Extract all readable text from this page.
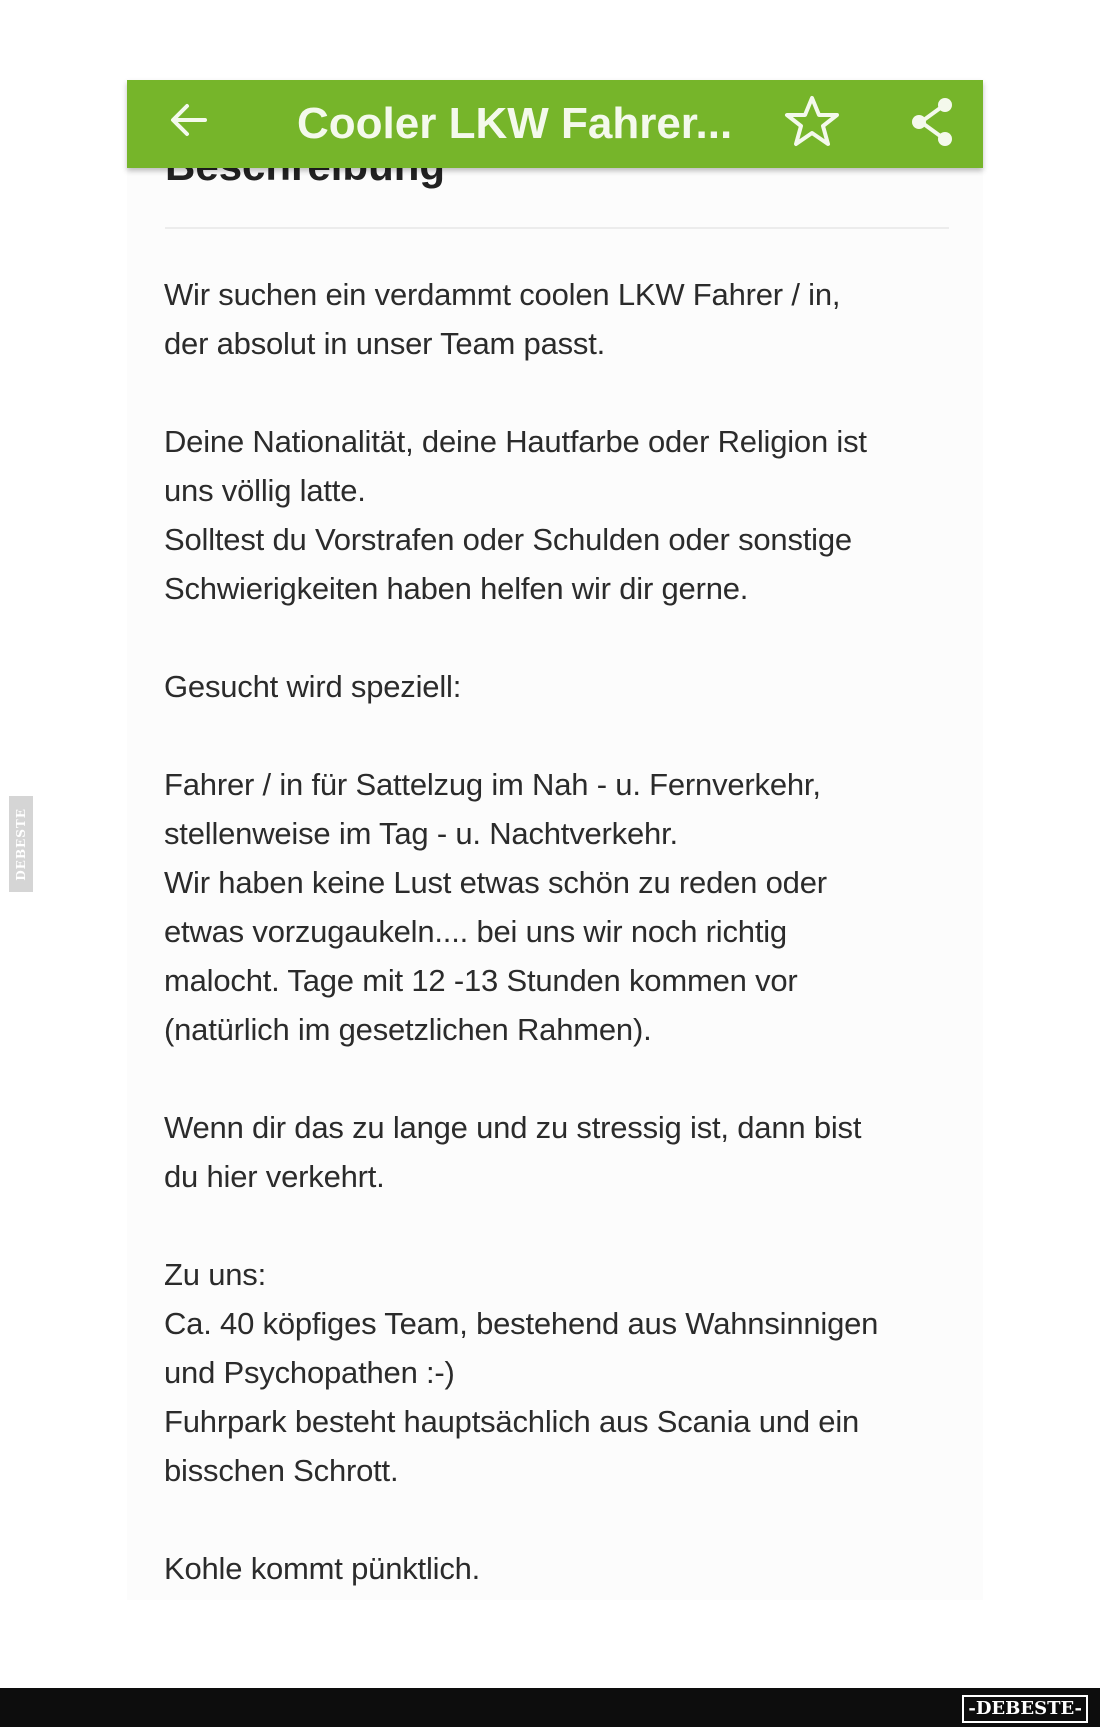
Cooler LKW Fahrer...

Wir suchen ein verdammt coolen LKW Fahrer / in,
der absolut in unser Team passt.

Deine Nationalität, deine Hautfarbe oder Religion ist
uns völlig latte.
Solltest du Vorstrafen oder Schulden oder sonstige
Schwierigkeiten haben helfen wir dir gerne.

Gesucht wird speziell:

Fahrer / in für Sattelzug im Nah - u. Fernverkehr,
stellenweise im Tag - u. Nachtverkehr.
Wir haben keine Lust etwas schön zu reden oder
etwas vorzugaukeln.... bei uns wir noch richtig
malocht. Tage mit 12 -13 Stunden kommen vor
(natürlich im gesetzlichen Rahmen).

Wenn dir das zu lange und zu stressig ist, dann bist
du hier verkehrt.

Zu uns:
Ca. 40 köpfiges Team, bestehend aus Wahnsinnigen
und Psychopathen :-)
Fuhrpark besteht hauptsächlich aus Scania und ein
bisschen Schrott.

Kohle kommt pünktlich.

DEBESTE
-DEBESTE-
